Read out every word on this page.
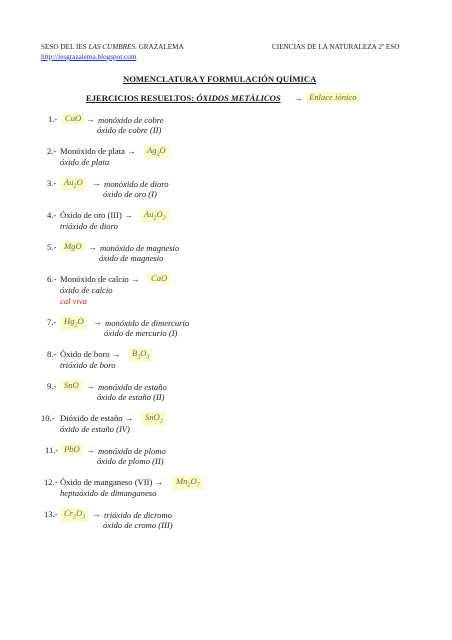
SESO DEL IES LAS CUMBRES. GRAZALEMA	CIENCIAS DE LA NATURALEZA 2º ESO
http://iesgrazalema.blogspot.com
NOMENCLATURA Y FORMULACIÓN QUÍMICA
EJERCICIOS RESUELTOS: ÓXIDOS METÁLICOS → Enlace iónico
1.- CuO → monóxido de cobre
óxido de cobre (II)
2.- Monóxido de plata →	$Ag_2O$
óxido de plata
3.- $Au_2O$	→ monóxido de dioro
óxido de oro (I)
4.- Óxido de oro (III) →	$Au_2O_3$
trióxido de dioro
5.- MgO → monóxido de magnesio
óxido de magnesio
6.- Monóxido de calcio →	CaO
óxido de calcio
cal viva
7.- $Hg_2O$	→ monóxido de dimercurio
óxido de mercurio (I)
8.- Óxido de boro →	$B_2O_3$
trióxido de boro
9.- SnO → monóxido de estaño
óxido de estaño (II)
10.- Dióxido de estaño →	SnO$_2$
óxido de estaño (IV)
11.- PbO → monóxido de plomo
óxido de plomo (II)
12.- Óxido de manganeso (VII) →	$Mn_2O_7$
heptaóxido de dimanganeso
13.- $Cr_2O_3$ → trióxido de dicromo
óxido de cromo (III)
